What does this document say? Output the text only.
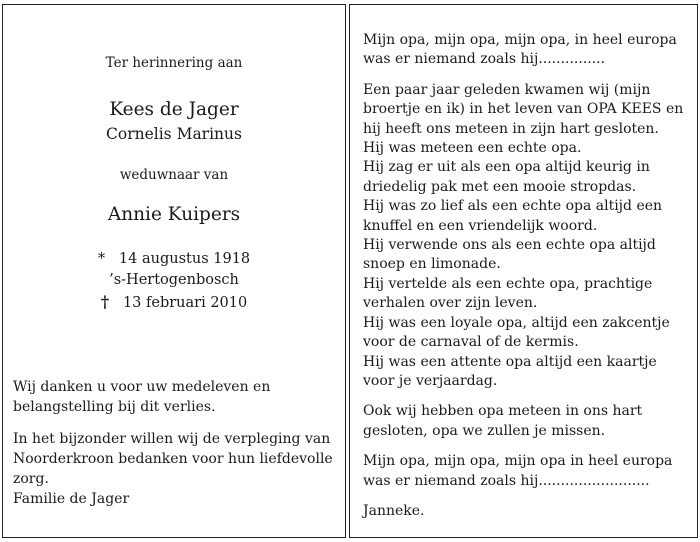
Ter herinnering aan
Kees de Jager
Cornelis Marinus
weduwnaar van
Annie Kuipers
* 14 augustus 1918
’s-Hertogenbosch
† 13 februari 2010

Wij danken u voor uw medeleven en belangstelling bij dit verlies.

In het bijzonder willen wij de verpleging van Noorderkroon bedanken voor hun liefdevolle zorg.

Familie de Jager

Mijn opa, mijn opa, mijn opa, in heel europa was er niemand zoals hij...............

Een paar jaar geleden kwamen wij (mijn broertje en ik) in het leven van OPA KEES en hij heeft ons meteen in zijn hart gesloten.
Hij was meteen een echte opa.
Hij zag er uit als een opa altijd keurig in driedelig pak met een mooie stropdas.
Hij was zo lief als een echte opa altijd een knuffel en een vriendelijk woord.
Hij verwende ons als een echte opa altijd snoep en limonade.
Hij vertelde als een echte opa, prachtige verhalen over zijn leven.
Hij was een loyale opa, altijd een zakcentje voor de carnaval of de kermis.
Hij was een attente opa altijd een kaartje voor je verjaardag.

Ook wij hebben opa meteen in ons hart gesloten, opa we zullen je missen.

Mijn opa, mijn opa, mijn opa in heel europa was er niemand zoals hij.........................

Janneke.
